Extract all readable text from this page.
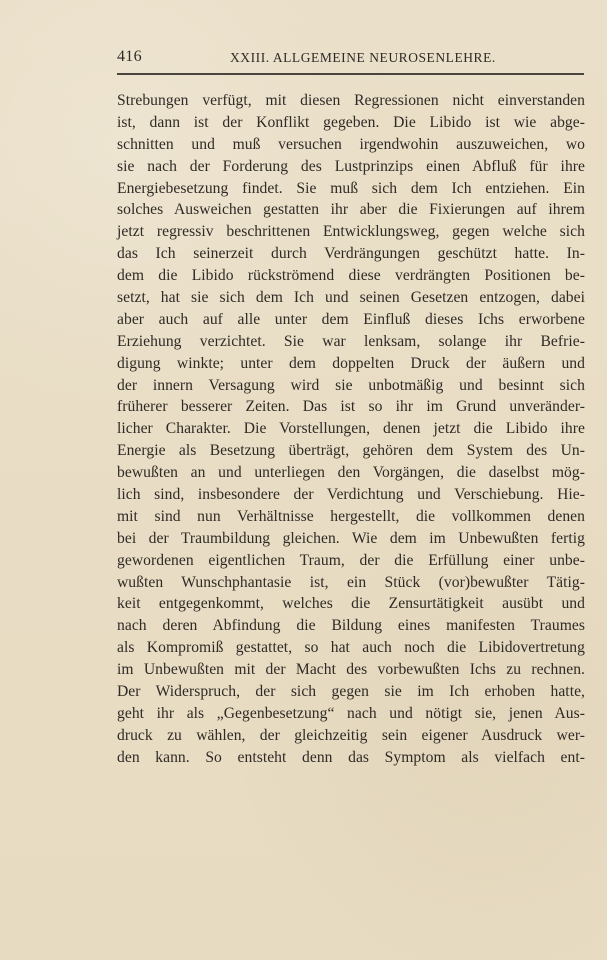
416	XXIII. ALLGEMEINE NEUROSENLEHRE.
Strebungen verfügt, mit diesen Regressionen nicht einverstanden
ist, dann ist der Konflikt gegeben. Die Libido ist wie abge-
schnitten und muß versuchen irgendwohin auszuweichen, wo
sie nach der Forderung des Lustprinzips einen Abfluß für ihre
Energiebesetzung findet. Sie muß sich dem Ich entziehen. Ein
solches Ausweichen gestatten ihr aber die Fixierungen auf ihrem
jetzt regressiv beschrittenen Entwicklungsweg, gegen welche sich
das Ich seinerzeit durch Verdrängungen geschützt hatte. In-
dem die Libido rückströmend diese verdrängten Positionen be-
setzt, hat sie sich dem Ich und seinen Gesetzen entzogen, dabei
aber auch auf alle unter dem Einfluß dieses Ichs erworbene
Erziehung verzichtet. Sie war lenksam, solange ihr Befrie-
digung winkte; unter dem doppelten Druck der äußern und
der innern Versagung wird sie unbotmäßig und besinnt sich
früherer besserer Zeiten. Das ist so ihr im Grund unveränder-
licher Charakter. Die Vorstellungen, denen jetzt die Libido ihre
Energie als Besetzung überträgt, gehören dem System des Un-
bewußten an und unterliegen den Vorgängen, die daselbst mög-
lich sind, insbesondere der Verdichtung und Verschiebung. Hie-
mit sind nun Verhältnisse hergestellt, die vollkommen denen
bei der Traumbildung gleichen. Wie dem im Unbewußten fertig
gewordenen eigentlichen Traum, der die Erfüllung einer unbe-
wußten Wunschphantasie ist, ein Stück (vor)bewußter Tätig-
keit entgegenkommt, welches die Zensurtätigkeit ausübt und
nach deren Abfindung die Bildung eines manifesten Traumes
als Kompromiß gestattet, so hat auch noch die Libidovertretung
im Unbewußten mit der Macht des vorbewußten Ichs zu rechnen.
Der Widerspruch, der sich gegen sie im Ich erhoben hatte,
geht ihr als „Gegenbesetzung“ nach und nötigt sie, jenen Aus-
druck zu wählen, der gleichzeitig sein eigener Ausdruck wer-
den kann. So entsteht denn das Symptom als vielfach ent-
